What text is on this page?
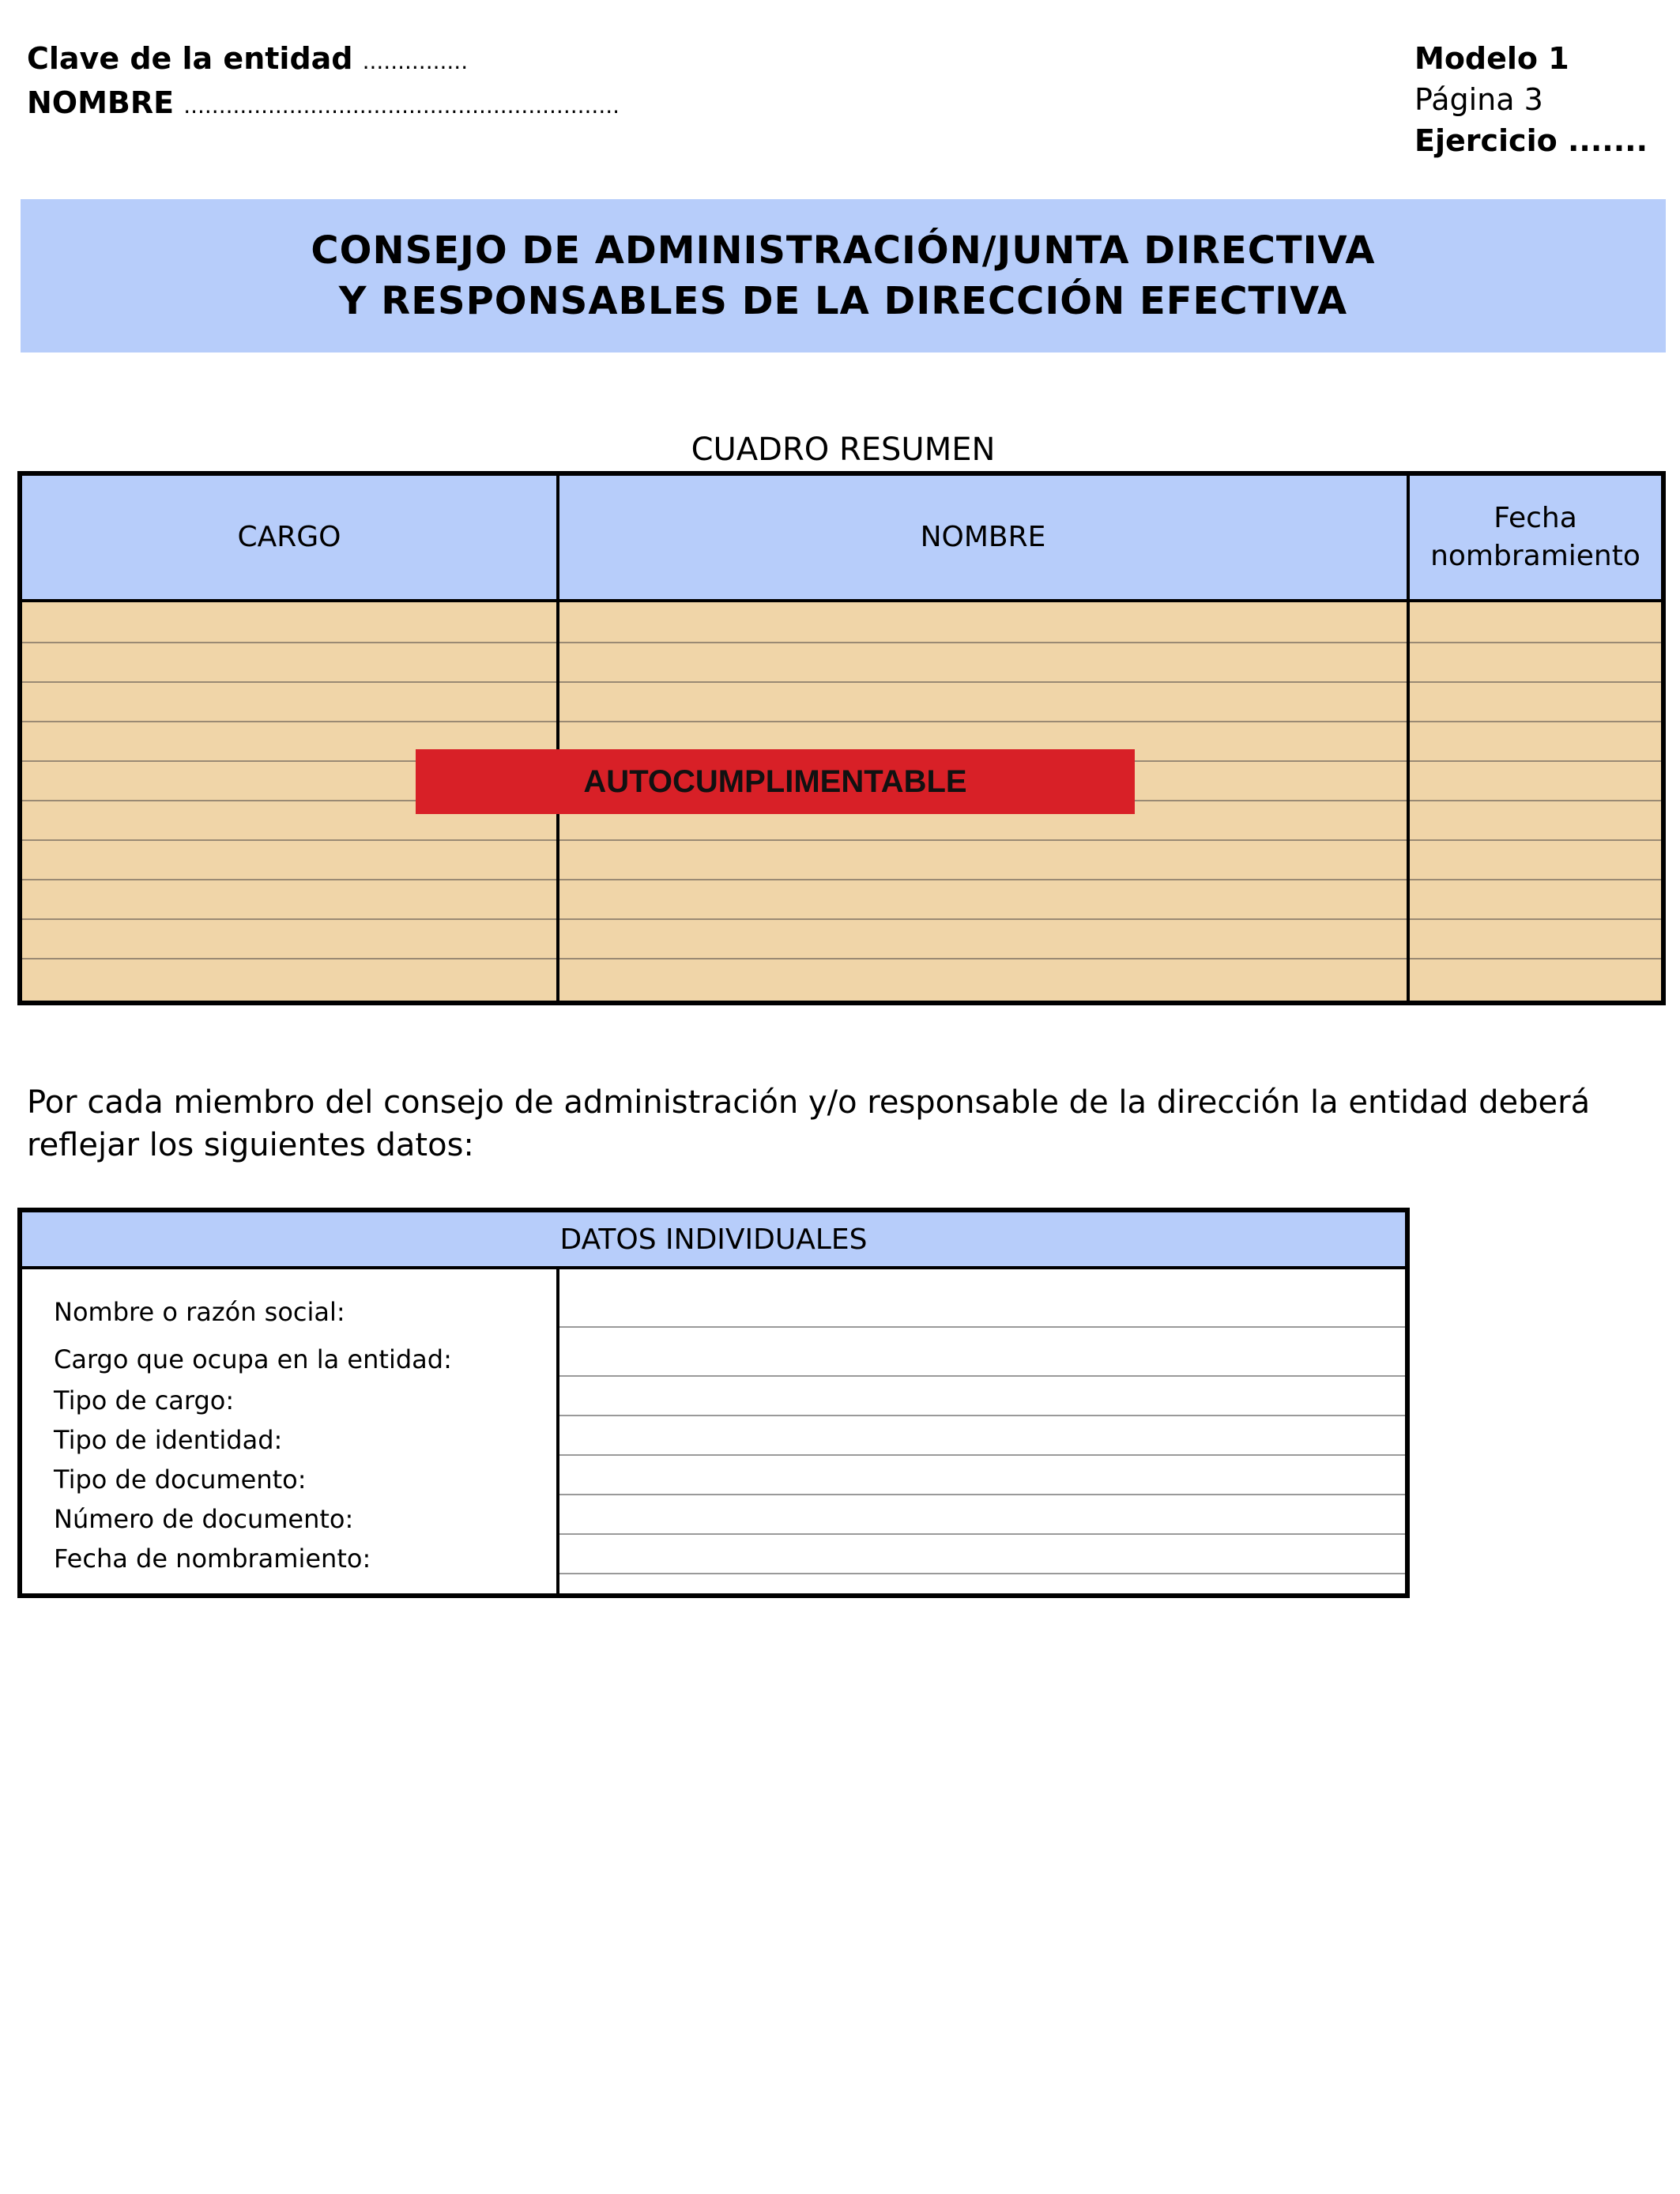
Clave de la entidad ...............
NOMBRE ..............................................................
Modelo 1
Página 3
Ejercicio .......
CONSEJO DE ADMINISTRACIÓN/JUNTA DIRECTIVA
Y RESPONSABLES DE LA DIRECCIÓN EFECTIVA
CUADRO RESUMEN
CARGO	NOMBRE
Fecha
nombramiento
AUTOCUMPLIMENTABLE
Por cada miembro del consejo de administración y/o responsable de la dirección la entidad deberá reflejar los siguientes datos:
DATOS INDIVIDUALES
Nombre o razón social:
Cargo que ocupa en la entidad:
Tipo de cargo:
Tipo de identidad:
Tipo de documento:
Número de documento:
Fecha de nombramiento:
